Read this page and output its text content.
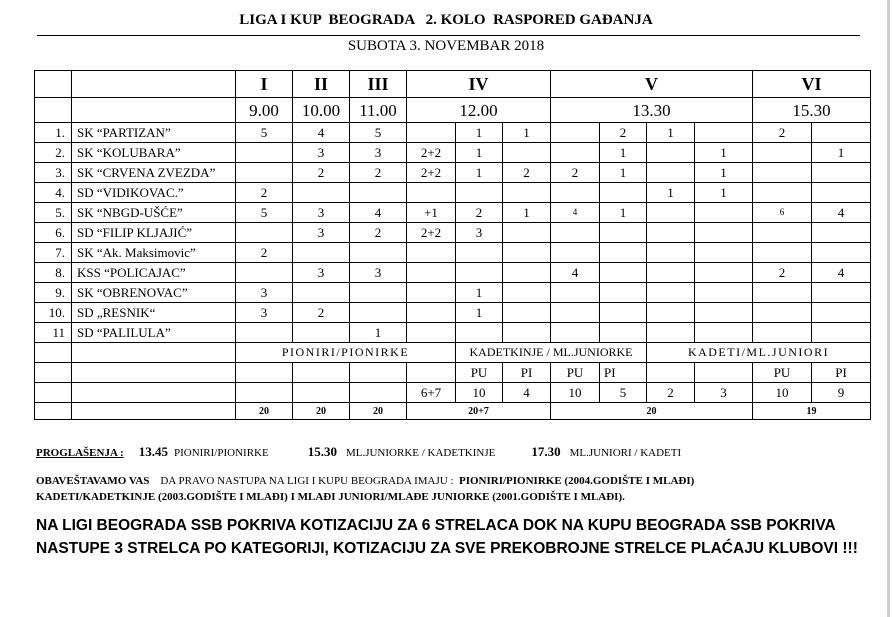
LIGA I KUP  BEOGRADA   2. KOLO  RASPORED GAĐANJA
SUBOTA 3. NOVEMBAR 2018
		I	II	III	IV			V				VI	
		9.00	10.00	11.00	12.00			13.30				15.30	
1.	SK “PARTIZAN”	5	4	5		1	1		2	1		2	
2.	SK “KOLUBARA”		3	3	2+2	1			1		1		1
3.	SK “CRVENA ZVEZDA”		2	2	2+2	1	2	2	1		1		
4.	SD “VIDIKOVAC.”	2								1	1		
5.	SK “NBGD-UŠĆE”	5	3	4	+1	2	1	4	1			6	4
6.	SD “FILIP KLJAJIĆ”		3	2	2+2	3							
7.	SK “Ak. Maksimovic”	2											
8.	KSS “POLICAJAC”		3	3				4				2	4
9.	SK “OBRENOVAC”	3				1							
10.	SD „RESNIK“	3	2			1							
11	SD “PALILULA”			1									
		PIONIRI/PIONIRKE				KADETKINJE / ML.JUNIORKE				KADETI/ML.JUNIORI			
						PU	PI	PU	PI			PU	PI
					6+7	10	4	10	5	2	3	10	9
		20	20	20	20+7			20				19	
PROGLAŠENJA : 13.45 PIONIRI/PIONIRKE	15.30 ML.JUNIORKE / KADETKINJE	17.30 ML.JUNIORI / KADETI
OBAVEŠTAVAMO VAS DA PRAVO NASTUPA NA LIGI I KUPU BEOGRADA IMAJU : PIONIRI/PIONIRKE (2004.GODIŠTE I MLAĐI)
KADETI/KADETKINJE (2003.GODIŠTE I MLAĐI) I MLAĐI JUNIORI/MLAĐE JUNIORKE (2001.GODIŠTE I MLAĐI).
NA LIGI BEOGRADA SSB POKRIVA KOTIZACIJU ZA 6 STRELACA DOK NA KUPU BEOGRADA SSB POKRIVA NASTUPE 3 STRELCA PO KATEGORIJI, KOTIZACIJU ZA SVE PREKOBROJNE STRELCE PLAĆAJU KLUBOVI !!!
